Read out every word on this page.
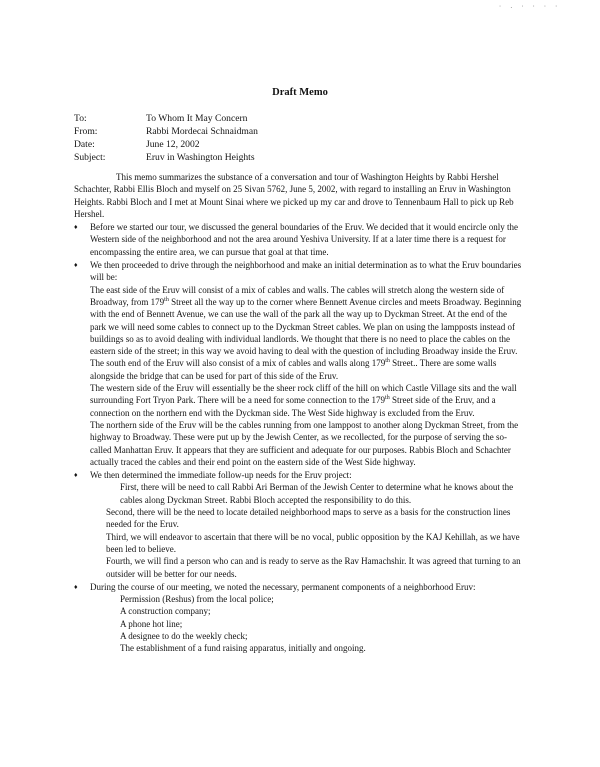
· . · · · ·
Draft Memo
To:	To Whom It May Concern
From:	Rabbi Mordecai Schnaidman
Date:	June 12, 2002
Subject:	Eruv in Washington Heights

This memo summarizes the substance of a conversation and tour of Washington Heights by Rabbi Hershel Schachter, Rabbi Ellis Bloch and myself on 25 Sivan 5762, June 5, 2002, with regard to installing an Eruv in Washington Heights. Rabbi Bloch and I met at Mount Sinai where we picked up my car and drove to Tennenbaum Hall to pick up Reb Hershel.

♦ Before we started our tour, we discussed the general boundaries of the Eruv. We decided that it would encircle only the Western side of the neighborhood and not the area around Yeshiva University. If at a later time there is a request for encompassing the entire area, we can pursue that goal at that time.

♦ We then proceeded to drive through the neighborhood and make an initial determination as to what the Eruv boundaries will be:

The east side of the Eruv will consist of a mix of cables and walls. The cables will stretch along the western side of Broadway, from 179th Street all the way up to the corner where Bennett Avenue circles and meets Broadway. Beginning with the end of Bennett Avenue, we can use the wall of the park all the way up to Dyckman Street. At the end of the park we will need some cables to connect up to the Dyckman Street cables. We plan on using the lampposts instead of buildings so as to avoid dealing with individual landlords. We thought that there is no need to place the cables on the eastern side of the street; in this way we avoid having to deal with the question of including Broadway inside the Eruv.

The south end of the Eruv will also consist of a mix of cables and walls along 179th Street.. There are some walls alongside the bridge that can be used for part of this side of the Eruv.

The western side of the Eruv will essentially be the sheer rock cliff of the hill on which Castle Village sits and the wall surrounding Fort Tryon Park. There will be a need for some connection to the 179th Street side of the Eruv, and a connection on the northern end with the Dyckman side. The West Side highway is excluded from the Eruv.

The northern side of the Eruv will be the cables running from one lamppost to another along Dyckman Street, from the highway to Broadway. These were put up by the Jewish Center, as we recollected, for the purpose of serving the so-called Manhattan Eruv. It appears that they are sufficient and adequate for our purposes. Rabbis Bloch and Schachter actually traced the cables and their end point on the eastern side of the West Side highway.

♦ We then determined the immediate follow-up needs for the Eruv project:

First, there will be need to call Rabbi Ari Berman of the Jewish Center to determine what he knows about the cables along Dyckman Street. Rabbi Bloch accepted the responsibility to do this.

Second, there will be the need to locate detailed neighborhood maps to serve as a basis for the construction lines needed for the Eruv.

Third, we will endeavor to ascertain that there will be no vocal, public opposition by the KAJ Kehillah, as we have been led to believe.

Fourth, we will find a person who can and is ready to serve as the Rav Hamachshir. It was agreed that turning to an outsider will be better for our needs.

♦ During the course of our meeting, we noted the necessary, permanent components of a neighborhood Eruv:

Permission (Reshus) from the local police;

A construction company;

A phone hot line;

A designee to do the weekly check;

The establishment of a fund raising apparatus, initially and ongoing.
